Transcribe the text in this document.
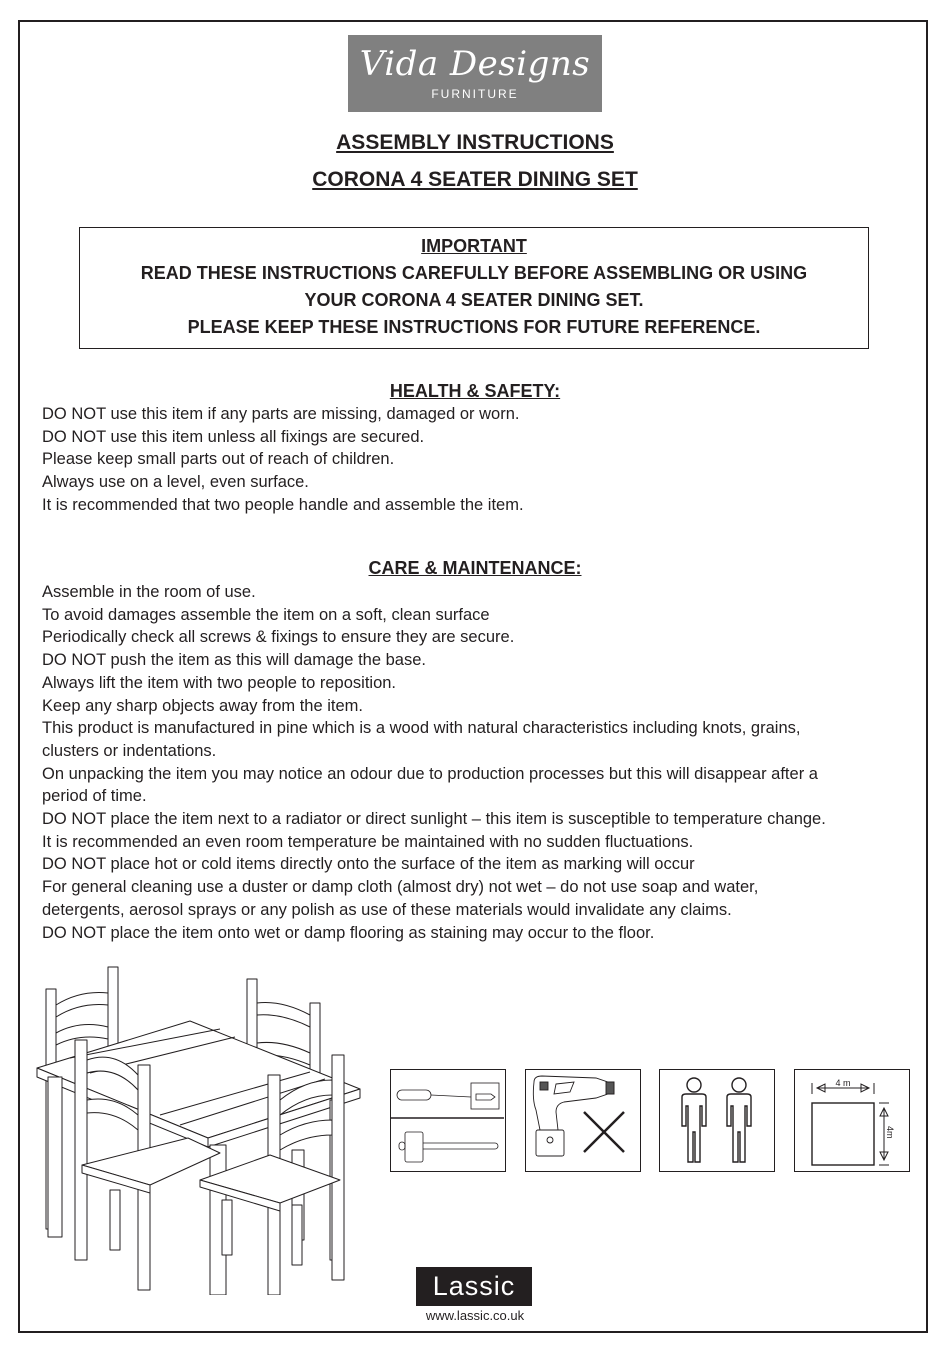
Vida Designs
FURNITURE
ASSEMBLY INSTRUCTIONS
CORONA 4 SEATER DINING SET
IMPORTANT
READ THESE INSTRUCTIONS CAREFULLY BEFORE ASSEMBLING OR USING
YOUR CORONA 4 SEATER DINING SET.
PLEASE KEEP THESE INSTRUCTIONS FOR FUTURE REFERENCE.
HEALTH & SAFETY:
DO NOT use this item if any parts are missing, damaged or worn.
DO NOT use this item unless all fixings are secured.
Please keep small parts out of reach of children.
Always use on a level, even surface.
It is recommended that two people handle and assemble the item.
CARE & MAINTENANCE:
Assemble in the room of use.
To avoid damages assemble the item on a soft, clean surface
Periodically check all screws & fixings to ensure they are secure.
DO NOT push the item as this will damage the base.
Always lift the item with two people to reposition.
Keep any sharp objects away from the item.
This product is manufactured in pine which is a wood with natural characteristics including knots, grains,
clusters or indentations.
On unpacking the item you may notice an odour due to production processes but this will disappear after a
period of time.
DO NOT place the item next to a radiator or direct sunlight – this item is susceptible to temperature change.
It is recommended an even room temperature be maintained with no sudden fluctuations.
DO NOT place hot or cold items directly onto the surface of the item as marking will occur
For general cleaning use a duster or damp cloth (almost dry) not wet – do not use soap and water,
detergents, aerosol sprays or any polish as use of these materials would invalidate any claims.
DO NOT place the item onto wet or damp flooring as staining may occur to the floor.
4 m
4m
Lassic
www.lassic.co.uk
